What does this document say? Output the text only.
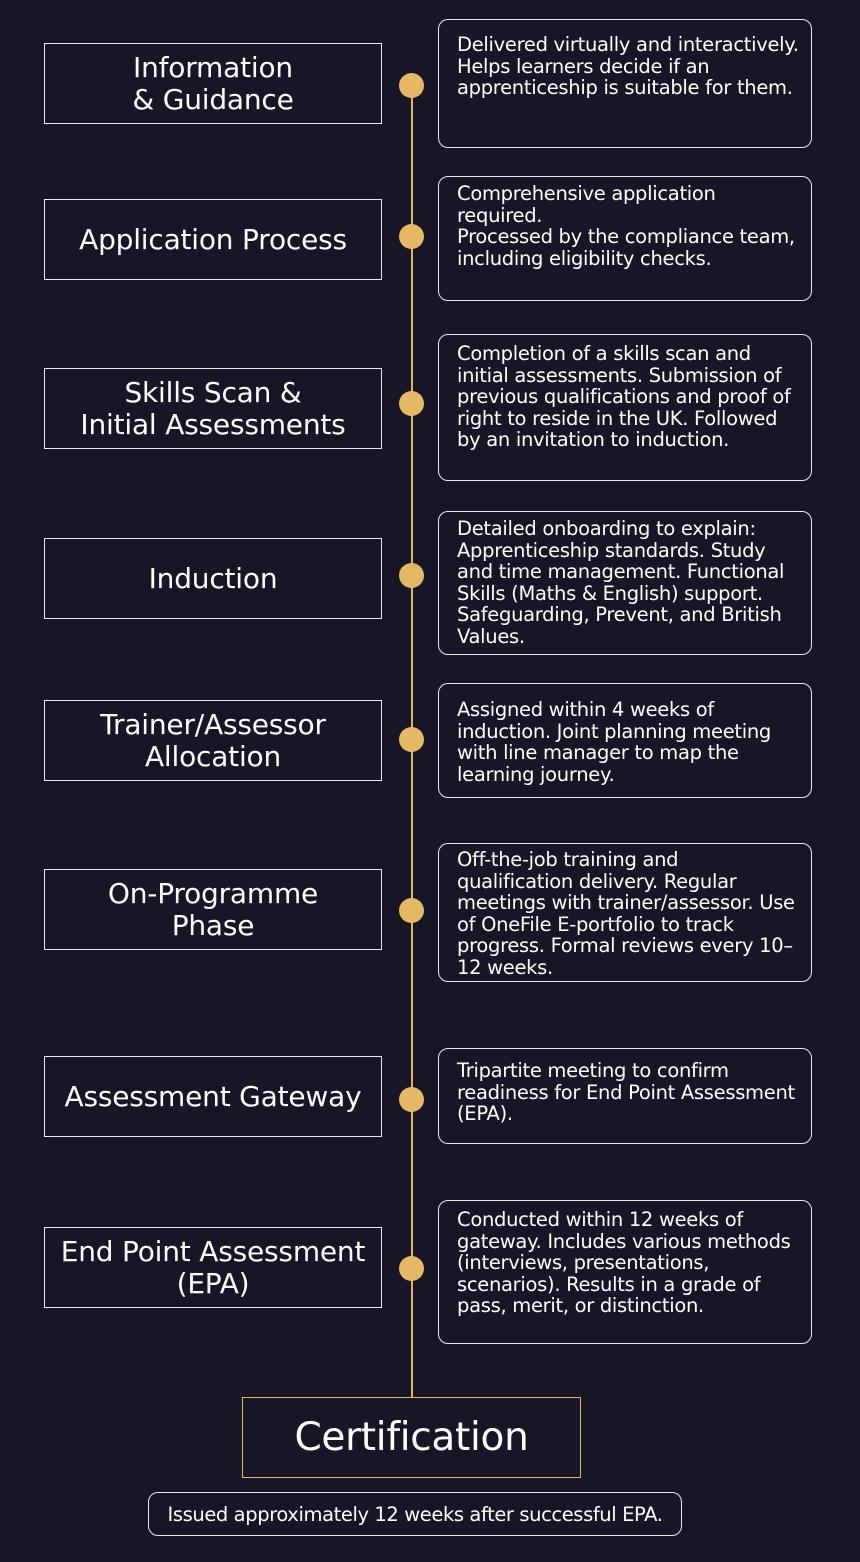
Information
& Guidance

Delivered virtually and interactively.

Helps learners decide if an apprenticeship is suitable for them.

Application Process

Comprehensive application required.

Processed by the compliance team, including eligibility checks.

Skills Scan &
Initial Assessments

Completion of a skills scan and initial assessments. Submission of previous qualifications and proof of right to reside in the UK. Followed by an invitation to induction.

Induction

Detailed onboarding to explain: Apprenticeship standards. Study and time management. Functional Skills (Maths & English) support. Safeguarding, Prevent, and British Values.

Trainer/Assessor
Allocation

Assigned within 4 weeks of induction. Joint planning meeting with line manager to map the learning journey.

On-Programme
Phase

Off-the-job training and qualification delivery. Regular meetings with trainer/assessor. Use of OneFile E-portfolio to track progress. Formal reviews every 10–12 weeks.

Assessment Gateway

Tripartite meeting to confirm readiness for End Point Assessment (EPA).

End Point Assessment
(EPA)

Conducted within 12 weeks of gateway. Includes various methods (interviews, presentations, scenarios). Results in a grade of pass, merit, or distinction.

Certification
Issued approximately 12 weeks after successful EPA.
